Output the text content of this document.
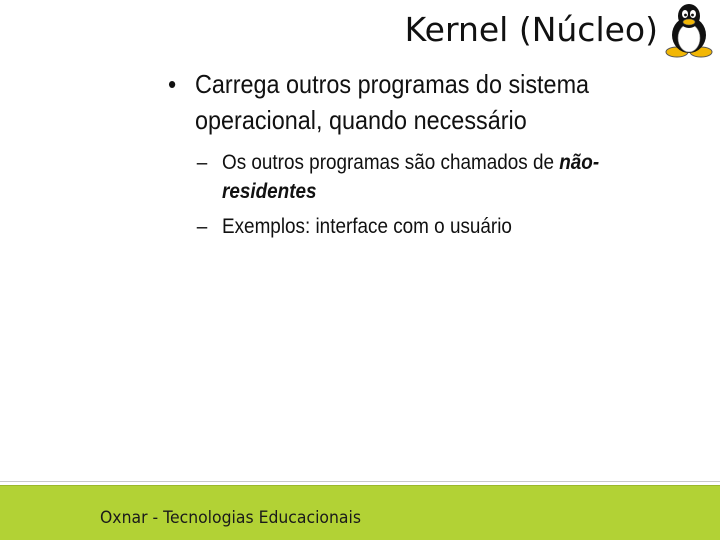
Kernel (Núcleo)
• Carrega outros programas do sistema operacional, quando necessário
– Os outros programas são chamados de não-residentes
– Exemplos: interface com o usuário
Oxnar - Tecnologias Educacionais
